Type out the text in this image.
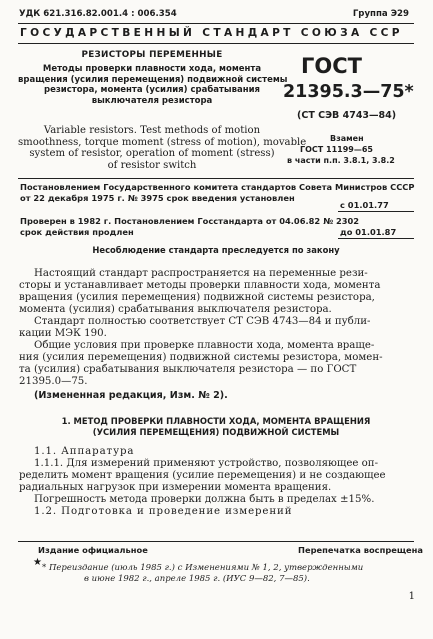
УДК 621.316.82.001.4 : 006.354	Группа Э29
ГОСУДАРСТВЕННЫЙ СТАНДАРТ СОЮЗА ССР
РЕЗИСТОРЫ ПЕРЕМЕННЫЕ
Методы проверки плавности хода, момента
вращения (усилия перемещения) подвижной системы
резистора, момента (усилия) срабатывания
выключателя резистора
Variable resistors. Test methods of motion
smoothness, torque moment (stress of motion), movable
system of resistor, operation of moment (stress)
of resistor switch
ГОСТ
21395.3—75*
(СТ СЭВ 4743—84)
Взамен
ГОСТ 11199—65
в части п.п. 3.8.1, 3.8.2
Постановлением Государственного комитета стандартов Совета Министров СССР
от 22 декабря 1975 г. № 3975 срок введения установлен
с 01.01.77
Проверен в 1982 г. Постановлением Госстандарта от 04.06.82 № 2302
срок действия продлен	до 01.01.87
Несоблюдение стандарта преследуется по закону
Настоящий стандарт распространяется на переменные рези-
сторы и устанавливает методы проверки плавности хода, момента
вращения (усилия перемещения) подвижной системы резистора,
момента (усилия) срабатывания выключателя резистора.
Стандарт полностью соответствует СТ СЭВ 4743—84 и публи-
кации МЭК 190.
Общие условия при проверке плавности хода, момента враще-
ния (усилия перемещения) подвижной системы резистора, момен-
та (усилия) срабатывания выключателя резистора — по ГОСТ
21395.0—75.
(Измененная редакция, Изм. № 2).
1. МЕТОД ПРОВЕРКИ ПЛАВНОСТИ ХОДА, МОМЕНТА ВРАЩЕНИЯ
(УСИЛИЯ ПЕРЕМЕЩЕНИЯ) ПОДВИЖНОЙ СИСТЕМЫ
1.1. Аппаратура
1.1.1. Для измерений применяют устройство, позволяющее оп-
ределить момент вращения (усилие перемещения) и не создающее
радиальных нагрузок при измерении момента вращения.
Погрешность метода проверки должна быть в пределах ±15%.
1.2. Подготовка и проведение измерений
Издание официальное	Перепечатка воспрещена
★ * Переиздание (июль 1985 г.) с Изменениями № 1, 2, утвержденными
в июне 1982 г., апреле 1985 г. (ИУС 9—82, 7—85).
1
